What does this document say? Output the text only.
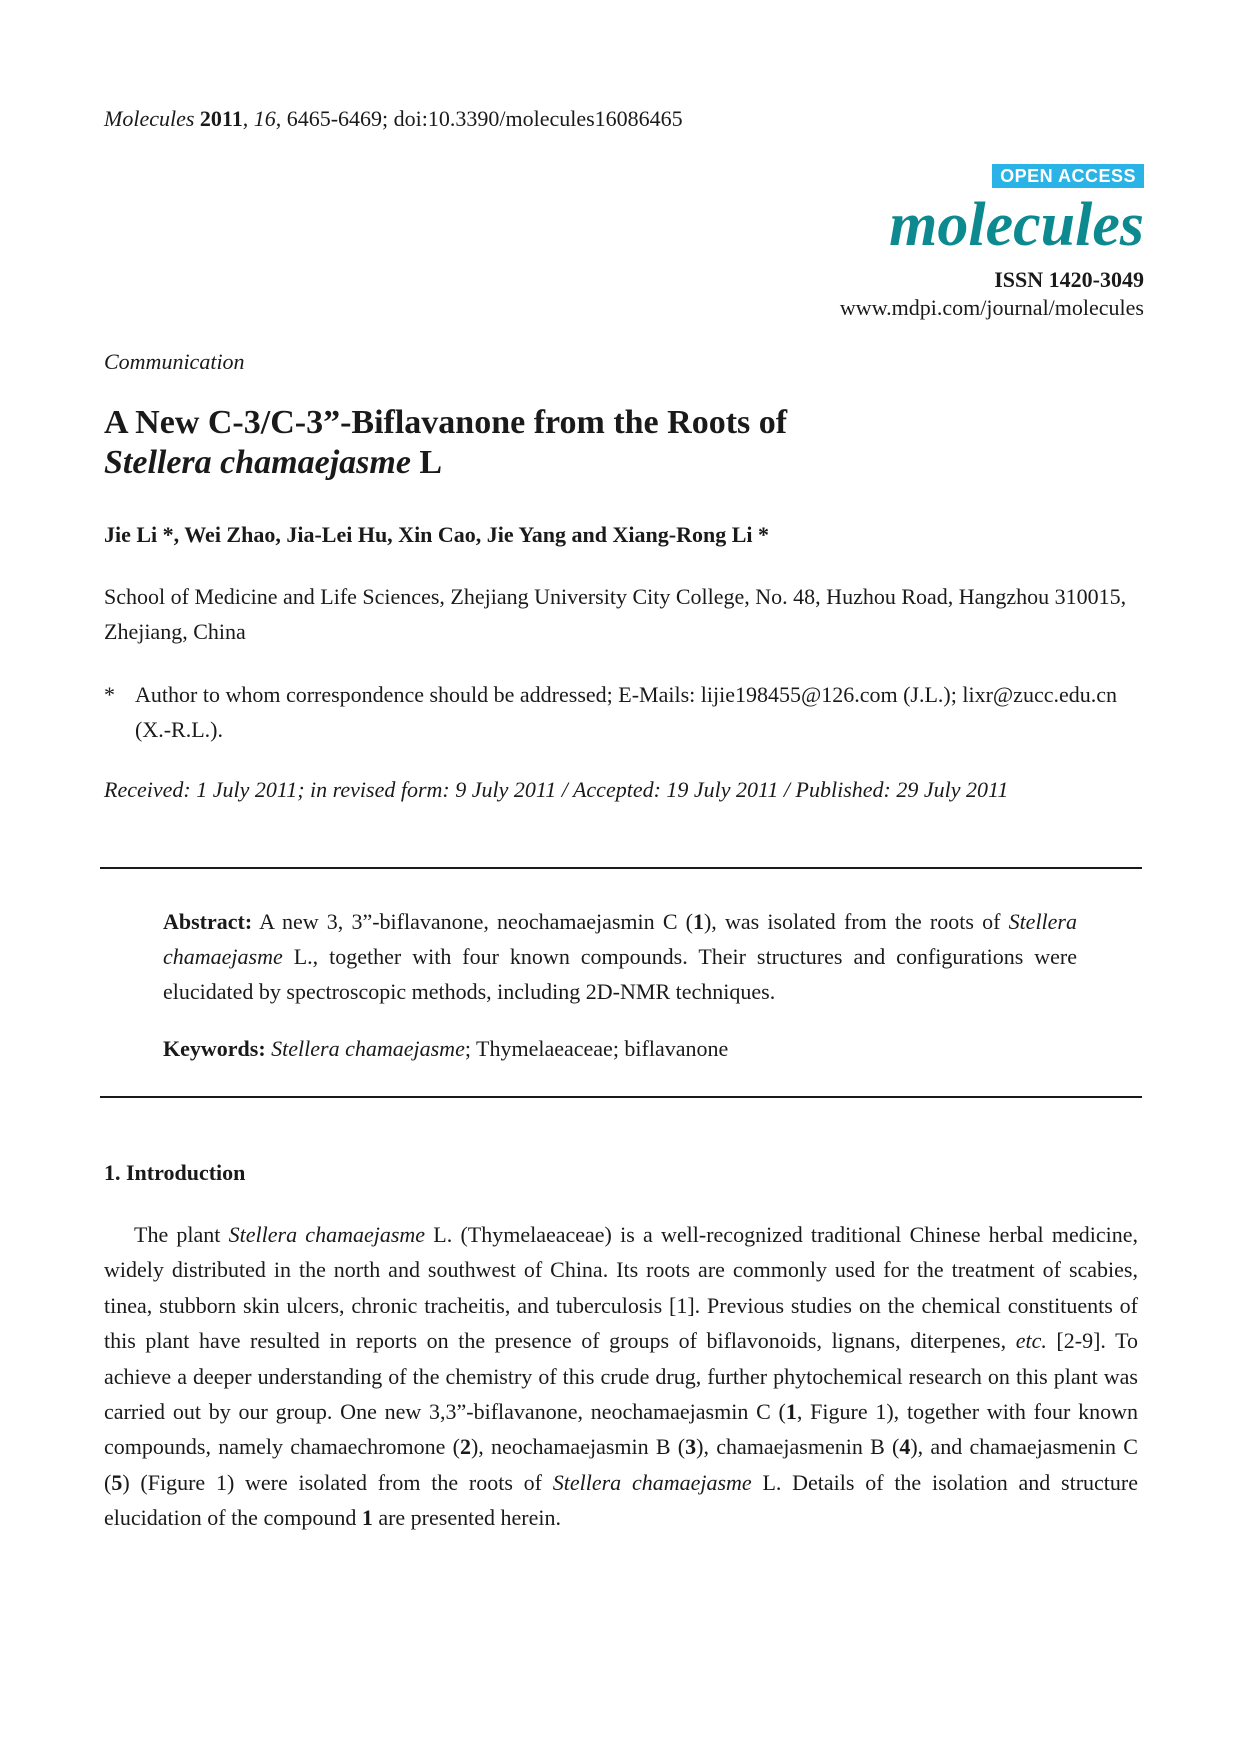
Molecules 2011, 16, 6465-6469; doi:10.3390/molecules16086465
OPEN ACCESS
molecules
ISSN 1420-3049
www.mdpi.com/journal/molecules
Communication
A New C-3/C-3”-Biflavanone from the Roots of
Stellera chamaejasme L
Jie Li *, Wei Zhao, Jia-Lei Hu, Xin Cao, Jie Yang and Xiang-Rong Li *
School of Medicine and Life Sciences, Zhejiang University City College, No. 48, Huzhou Road, Hangzhou 310015, Zhejiang, China
* Author to whom correspondence should be addressed; E-Mails: lijie198455@126.com (J.L.); lixr@zucc.edu.cn (X.-R.L.).
Received: 1 July 2011; in revised form: 9 July 2011 / Accepted: 19 July 2011 / Published: 29 July 2011
Abstract: A new 3, 3”-biflavanone, neochamaejasmin C (1), was isolated from the roots of Stellera chamaejasme L., together with four known compounds. Their structures and configurations were elucidated by spectroscopic methods, including 2D-NMR techniques.
Keywords: Stellera chamaejasme; Thymelaeaceae; biflavanone
1. Introduction
The plant Stellera chamaejasme L. (Thymelaeaceae) is a well-recognized traditional Chinese herbal medicine, widely distributed in the north and southwest of China. Its roots are commonly used for the treatment of scabies, tinea, stubborn skin ulcers, chronic tracheitis, and tuberculosis [1]. Previous studies on the chemical constituents of this plant have resulted in reports on the presence of groups of biflavonoids, lignans, diterpenes, etc. [2-9]. To achieve a deeper understanding of the chemistry of this crude drug, further phytochemical research on this plant was carried out by our group. One new 3,3”-biflavanone, neochamaejasmin C (1, Figure 1), together with four known compounds, namely chamaechromone (2), neochamaejasmin B (3), chamaejasmenin B (4), and chamaejasmenin C (5) (Figure 1) were isolated from the roots of Stellera chamaejasme L. Details of the isolation and structure elucidation of the compound 1 are presented herein.
